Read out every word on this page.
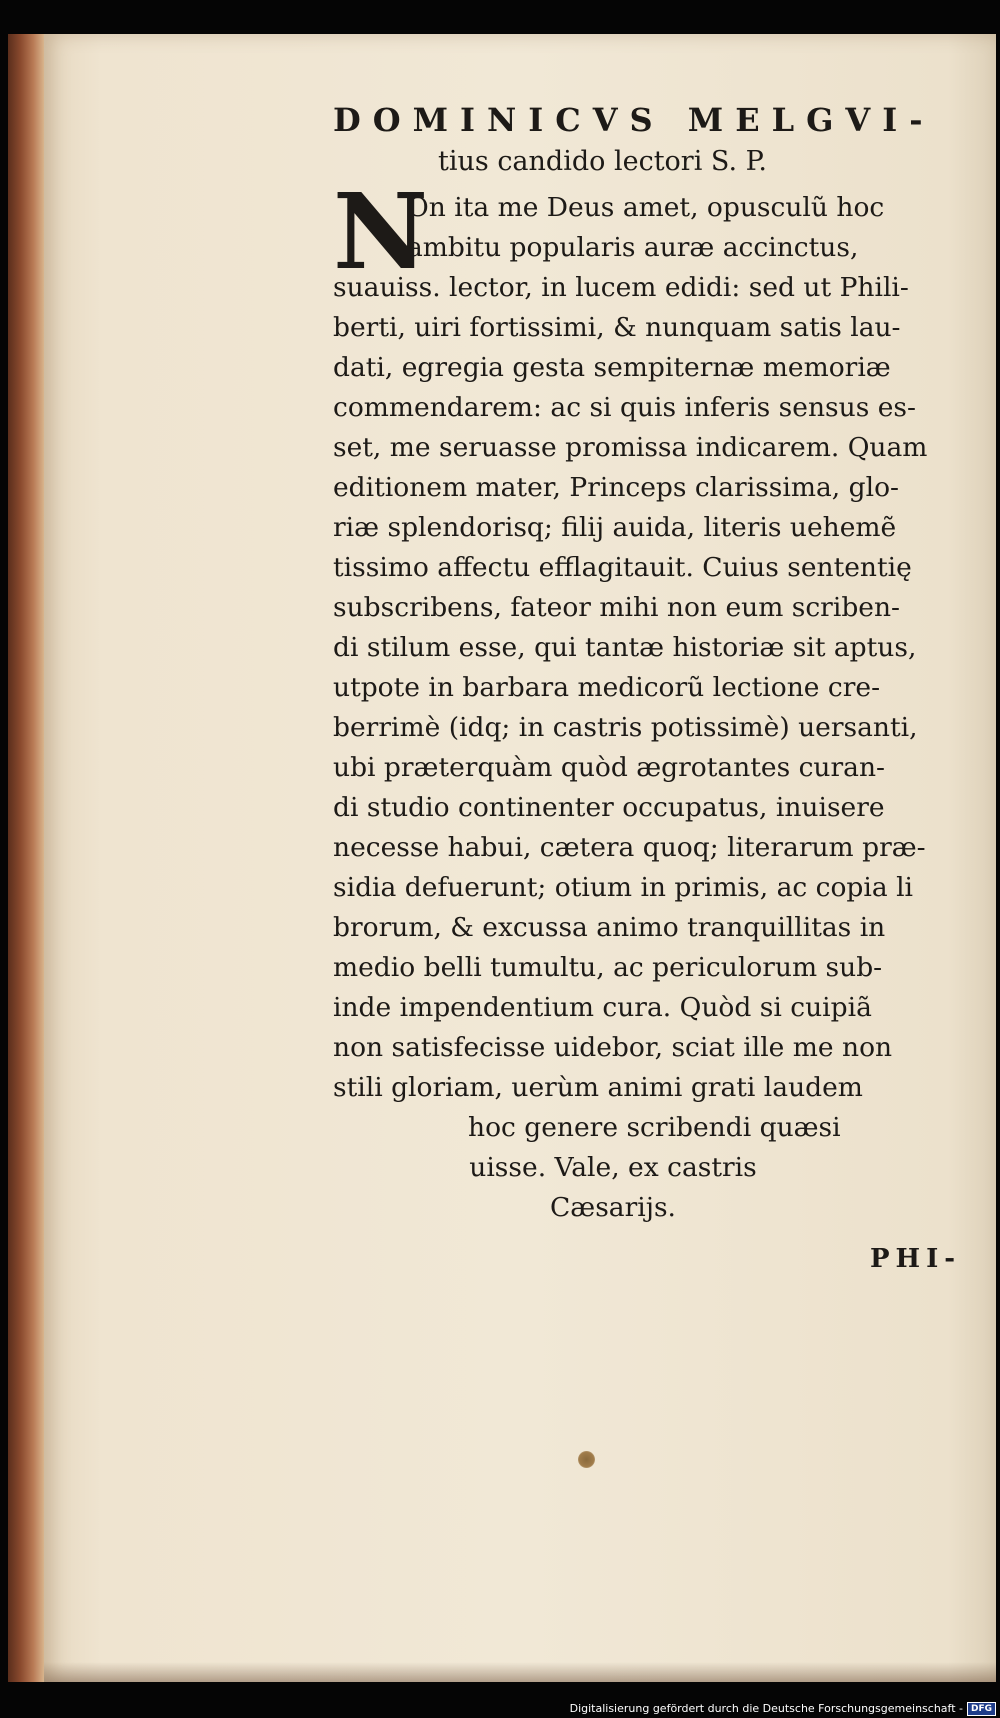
DOMINICVS MELGVI-
tius candido lectori S. P.
N
On ita me Deus amet, opusculũ hoc
ambitu popularis auræ accinctus,
suauiss. lector, in lucem edidi: sed ut Phili-
berti, uiri fortissimi, & nunquam satis lau-
dati, egregia gesta sempiternæ memoriæ
commendarem: ac si quis inferis sensus es-
set, me seruasse promissa indicarem. Quam
editionem mater, Princeps clarissima, glo-
riæ splendorisq; filij auida, literis uehemẽ
tissimo affectu efflagitauit. Cuius sententię
subscribens, fateor mihi non eum scriben-
di stilum esse, qui tantæ historiæ sit aptus,
utpote in barbara medicorũ lectione cre-
berrimè (idq; in castris potissimè) uersanti,
ubi præterquàm quòd ægrotantes curan-
di studio continenter occupatus, inuisere
necesse habui, cætera quoq; literarum præ-
sidia defuerunt; otium in primis, ac copia li
brorum, & excussa animo tranquillitas in
medio belli tumultu, ac periculorum sub-
inde impendentium cura. Quòd si cuipiã
non satisfecisse uidebor, sciat ille me non
stili gloriam, uerùm animi grati laudem
hoc genere scribendi quæsi
uisse. Vale, ex castris
Cæsarijs.
PHI-
Digitalisierung gefördert durch die Deutsche Forschungsgemeinschaft - DFG
